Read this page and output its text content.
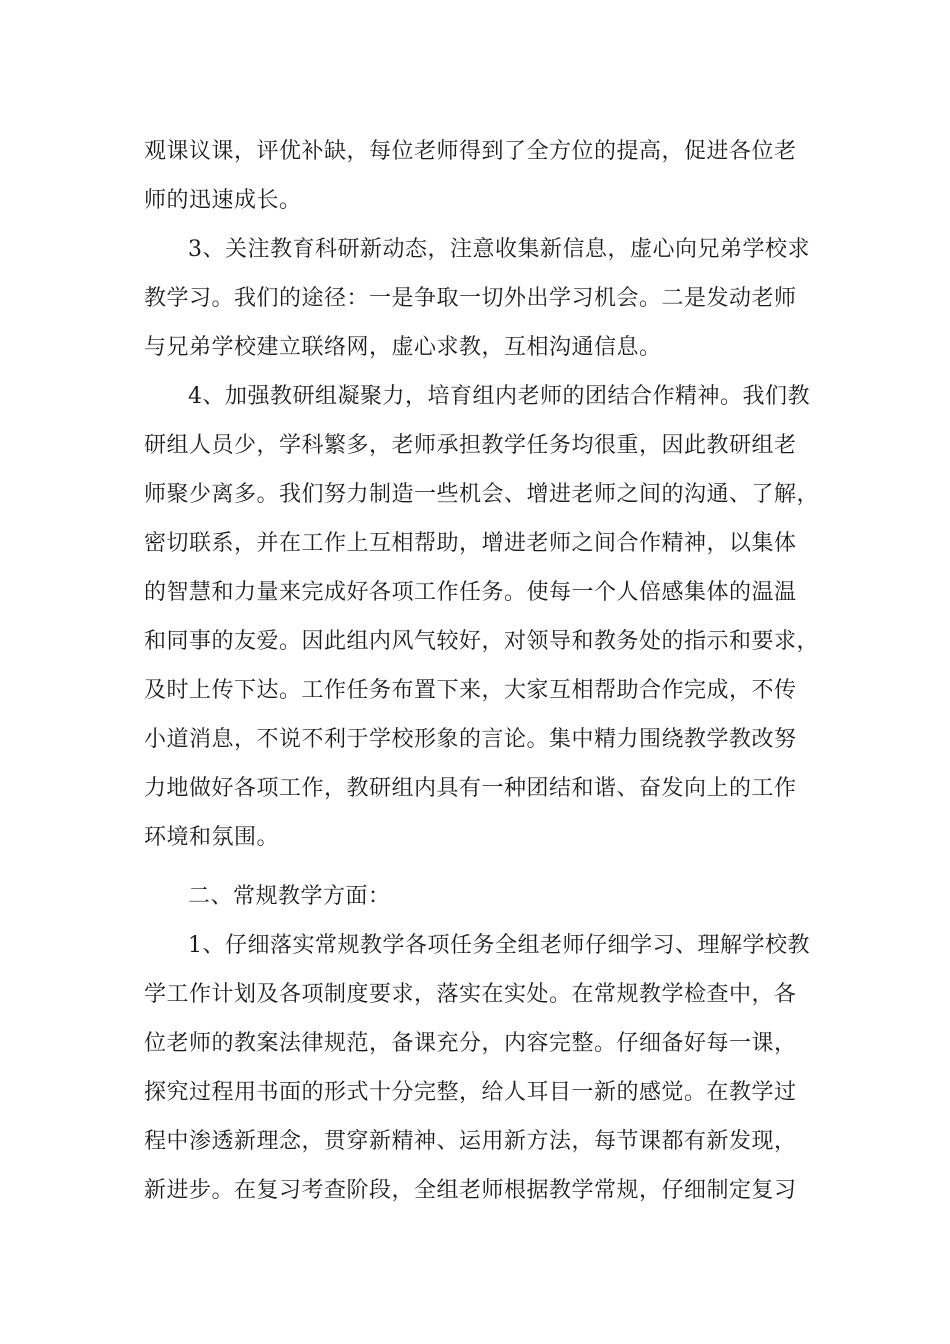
观课议课，评优补缺，每位老师得到了全方位的提高，促进各位老
师的迅速成长。
3、关注教育科研新动态，注意收集新信息，虚心向兄弟学校求
教学习。我们的途径：一是争取一切外出学习机会。二是发动老师
与兄弟学校建立联络网，虚心求教，互相沟通信息。
4、加强教研组凝聚力，培育组内老师的团结合作精神。我们教
研组人员少，学科繁多，老师承担教学任务均很重，因此教研组老
师聚少离多。我们努力制造一些机会、增进老师之间的沟通、了解，
密切联系，并在工作上互相帮助，增进老师之间合作精神，以集体
的智慧和力量来完成好各项工作任务。使每一个人倍感集体的温温
和同事的友爱。因此组内风气较好，对领导和教务处的指示和要求，
及时上传下达。工作任务布置下来，大家互相帮助合作完成，不传
小道消息，不说不利于学校形象的言论。集中精力围绕教学教改努
力地做好各项工作，教研组内具有一种团结和谐、奋发向上的工作
环境和氛围。
二、常规教学方面：
1、仔细落实常规教学各项任务全组老师仔细学习、理解学校教
学工作计划及各项制度要求，落实在实处。在常规教学检查中，各
位老师的教案法律规范，备课充分，内容完整。仔细备好每一课，
探究过程用书面的形式十分完整，给人耳目一新的感觉。在教学过
程中渗透新理念，贯穿新精神、运用新方法，每节课都有新发现，
新进步。在复习考查阶段，全组老师根据教学常规，仔细制定复习
